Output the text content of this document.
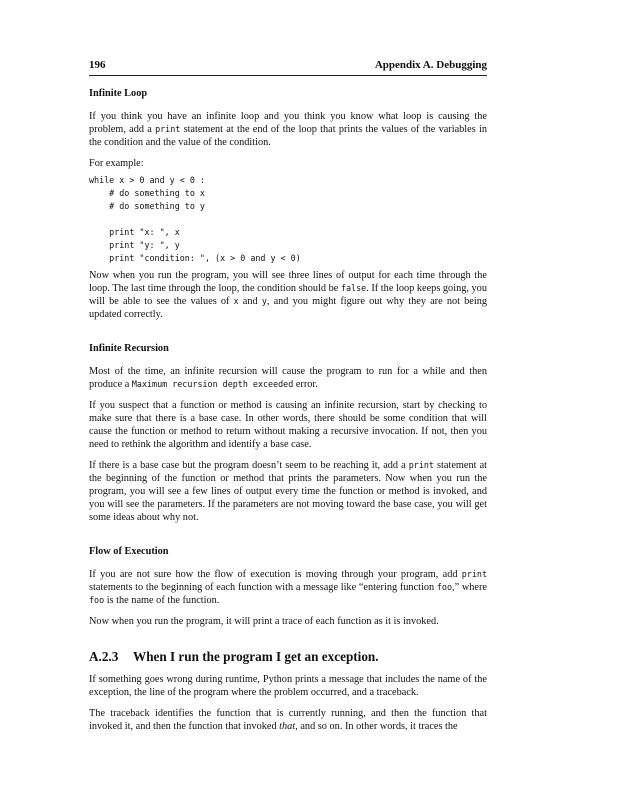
196	Appendix A. Debugging
Infinite Loop

If you think you have an infinite loop and you think you know what loop is causing the problem, add a print statement at the end of the loop that prints the values of the variables in the condition and the value of the condition.

For example:

while x > 0 and y < 0 :
# do something to x
# do something to y

print "x: ", x
print "y: ", y
print "condition: ", (x > 0 and y < 0)

Now when you run the program, you will see three lines of output for each time through the loop. The last time through the loop, the condition should be false. If the loop keeps going, you will be able to see the values of x and y, and you might figure out why they are not being updated correctly.

Infinite Recursion

Most of the time, an infinite recursion will cause the program to run for a while and then produce a Maximum recursion depth exceeded error.

If you suspect that a function or method is causing an infinite recursion, start by checking to make sure that there is a base case. In other words, there should be some condition that will cause the function or method to return without making a recursive invocation. If not, then you need to rethink the algorithm and identify a base case.

If there is a base case but the program doesn’t seem to be reaching it, add a print statement at the beginning of the function or method that prints the parameters. Now when you run the program, you will see a few lines of output every time the function or method is invoked, and you will see the parameters. If the parameters are not moving toward the base case, you will get some ideas about why not.

Flow of Execution

If you are not sure how the flow of execution is moving through your program, add print statements to the beginning of each function with a message like “entering function foo,” where foo is the name of the function.

Now when you run the program, it will print a trace of each function as it is invoked.

A.2.3	When I run the program I get an exception.

If something goes wrong during runtime, Python prints a message that includes the name of the exception, the line of the program where the problem occurred, and a traceback.

The traceback identifies the function that is currently running, and then the function that invoked it, and then the function that invoked that, and so on. In other words, it traces the
